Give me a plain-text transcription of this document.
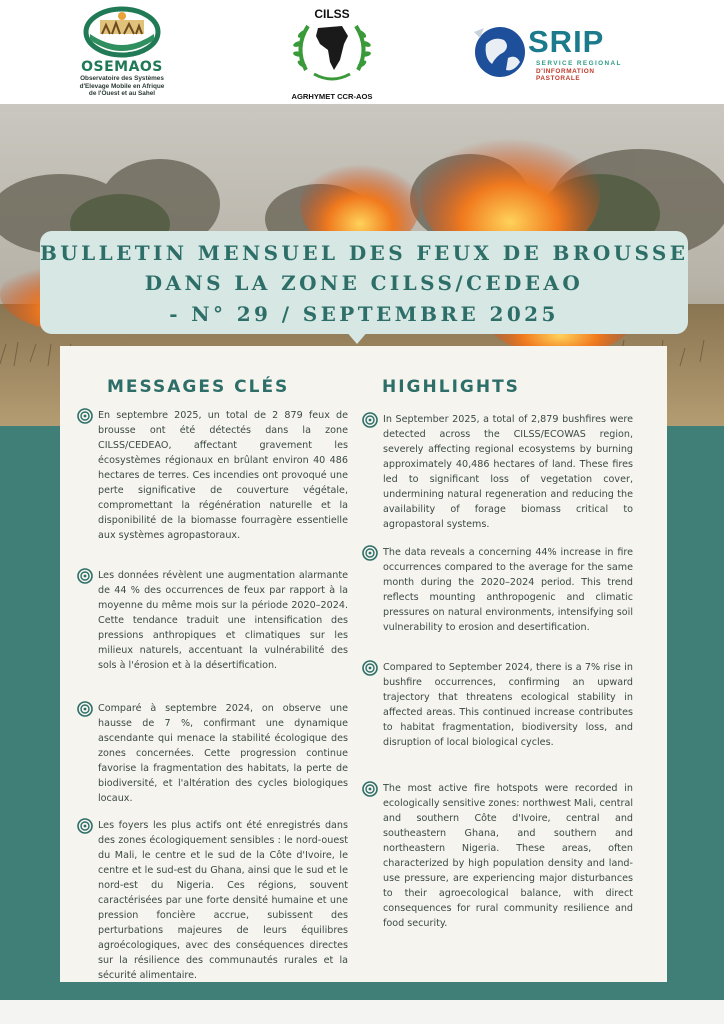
OSEMAOS
Observatoire des Systèmes
d'Elevage Mobile en Afrique
de l'Ouest et au Sahel
CILSS
AGRHYMET CCR-AOS
SRIP
SERVICE REGIONAL
D'INFORMATION PASTORALE
BULLETIN MENSUEL DES FEUX DE BROUSSE
DANS LA ZONE CILSS/CEDEAO
- N° 29 / SEPTEMBRE 2025
MESSAGES CLÉS	HIGHLIGHTS
En septembre 2025, un total de 2 879 feux de brousse ont été détectés dans la zone CILSS/CEDEAO, affectant gravement les écosystèmes régionaux en brûlant environ 40 486 hectares de terres. Ces incendies ont provoqué une perte significative de couverture végétale, compromettant la régénération naturelle et la disponibilité de la biomasse fourragère essentielle aux systèmes agropastoraux.
Les données révèlent une augmentation alarmante de 44 % des occurrences de feux par rapport à la moyenne du même mois sur la période 2020–2024. Cette tendance traduit une intensification des pressions anthropiques et climatiques sur les milieux naturels, accentuant la vulnérabilité des sols à l'érosion et à la désertification.
Comparé à septembre 2024, on observe une hausse de 7 %, confirmant une dynamique ascendante qui menace la stabilité écologique des zones concernées. Cette progression continue favorise la fragmentation des habitats, la perte de biodiversité, et l'altération des cycles biologiques locaux.
Les foyers les plus actifs ont été enregistrés dans des zones écologiquement sensibles : le nord-ouest du Mali, le centre et le sud de la Côte d'Ivoire, le centre et le sud-est du Ghana, ainsi que le sud et le nord-est du Nigeria. Ces régions, souvent caractérisées par une forte densité humaine et une pression foncière accrue, subissent des perturbations majeures de leurs équilibres agroécologiques, avec des conséquences directes sur la résilience des communautés rurales et la sécurité alimentaire.
In September 2025, a total of 2,879 bushfires were detected across the CILSS/ECOWAS region, severely affecting regional ecosystems by burning approximately 40,486 hectares of land. These fires led to significant loss of vegetation cover, undermining natural regeneration and reducing the availability of forage biomass critical to agropastoral systems.
The data reveals a concerning 44% increase in fire occurrences compared to the average for the same month during the 2020–2024 period. This trend reflects mounting anthropogenic and climatic pressures on natural environments, intensifying soil vulnerability to erosion and desertification.
Compared to September 2024, there is a 7% rise in bushfire occurrences, confirming an upward trajectory that threatens ecological stability in affected areas. This continued increase contributes to habitat fragmentation, biodiversity loss, and disruption of local biological cycles.
The most active fire hotspots were recorded in ecologically sensitive zones: northwest Mali, central and southern Côte d'Ivoire, central and southeastern Ghana, and southern and northeastern Nigeria. These areas, often characterized by high population density and land-use pressure, are experiencing major disturbances to their agroecological balance, with direct consequences for rural community resilience and food security.
